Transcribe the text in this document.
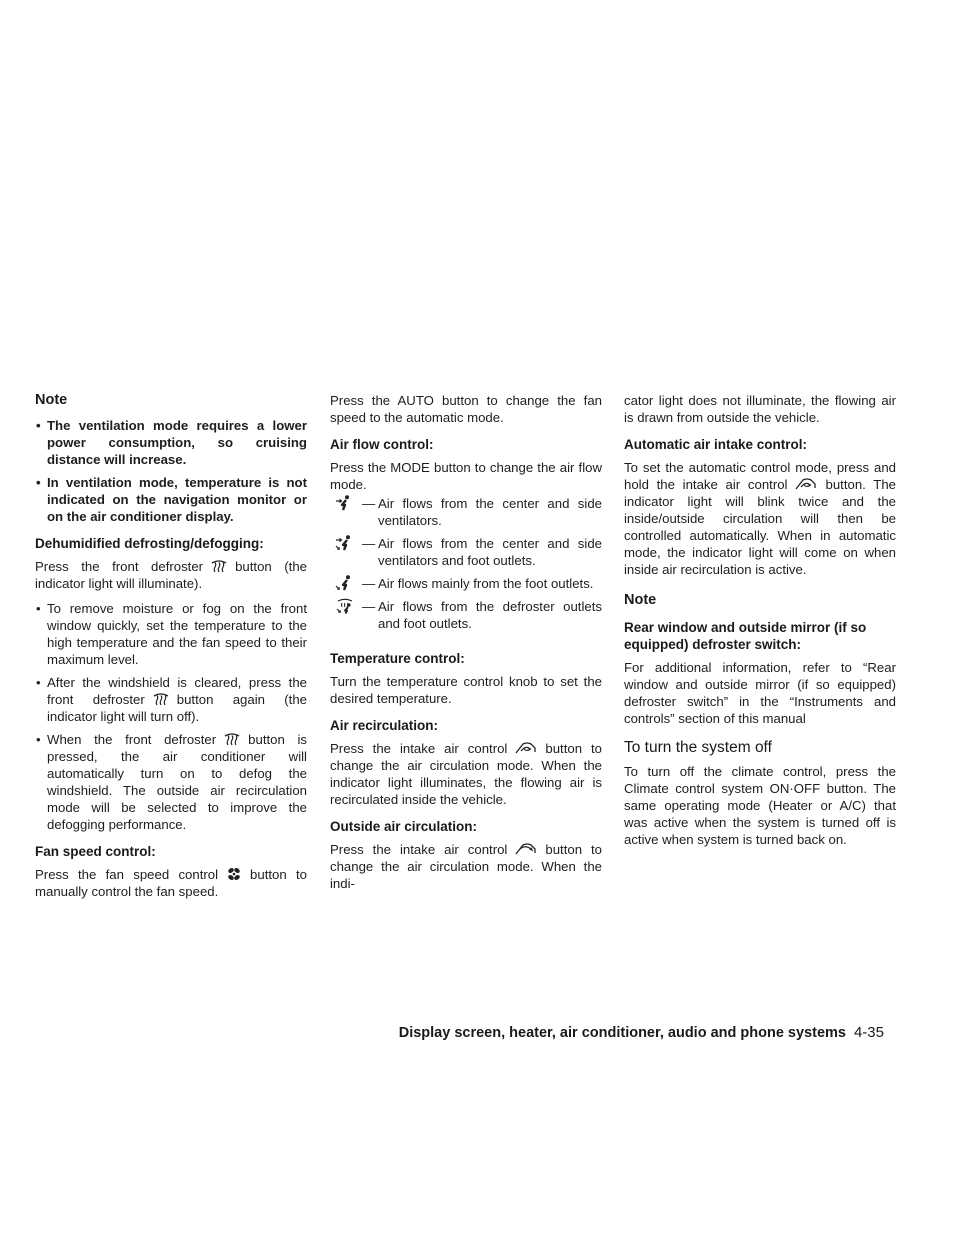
Note
• The ventilation mode requires a lower power consumption, so cruising distance will increase.
• In ventilation mode, temperature is not indicated on the navigation monitor or on the air conditioner display.
Dehumidified defrosting/defogging:

Press the front defroster button (the indicator light will illuminate).

• To remove moisture or fog on the front window quickly, set the temperature to the high temperature and the fan speed to their maximum level.
• After the windshield is cleared, press the front defroster button again (the indicator light will turn off).
• When the front defroster button is pressed, the air conditioner will automatically turn on to defog the windshield. The outside air recirculation mode will be selected to improve the defogging performance.
Fan speed control:

Press the fan speed control button to manually control the fan speed.

Press the AUTO button to change the fan speed to the automatic mode.

Air flow control:

Press the MODE button to change the air flow mode.

— Air flows from the center and side ventilators.
— Air flows from the center and side ventilators and foot outlets.
— Air flows mainly from the foot outlets.
— Air flows from the defroster outlets and foot outlets.
Temperature control:

Turn the temperature control knob to set the desired temperature.

Air recirculation:

Press the intake air control	button to change the air circulation mode. When the indicator light illuminates, the flowing air is recirculated inside the vehicle.

Outside air circulation:

Press the intake air control	button to change the air circulation mode. When the indi-

cator light does not illuminate, the flowing air is drawn from outside the vehicle.

Automatic air intake control:

To set the automatic control mode, press and hold the intake air control	button. The indicator light will blink twice and the inside/outside circulation will then be controlled automatically. When in automatic mode, the indicator light will come on when inside air recirculation is active.

Note
Rear window and outside mirror (if so equipped) defroster switch:

For additional information, refer to “Rear window and outside mirror (if so equipped) defroster switch” in the “Instruments and controls” section of this manual

To turn the system off

To turn off the climate control, press the Climate control system ON·OFF button. The same operating mode (Heater or A/C) that was active when the system is turned off is active when system is turned back on.

Display screen, heater, air conditioner, audio and phone systems 4-35
